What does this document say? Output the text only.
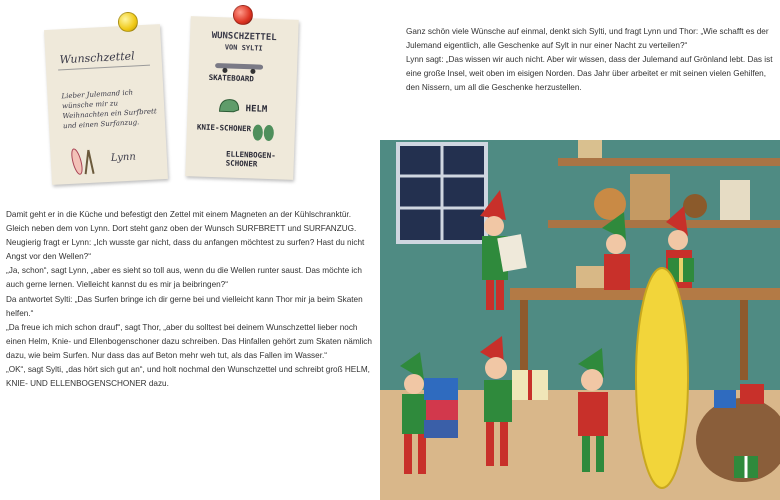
Wunschzettel
Lieber Julemand ich wünsche mir zu Weihnachten ein Surfbrett und einen Surfanzug.
Lynn
WUNSCHZETTEL
VON SYLTI
SKATEBOARD
HELM
KNIE-SCHONER
ELLENBOGEN-SCHONER
Damit geht er in die Küche und befestigt den Zettel mit einem Magneten an der Kühlschranktür. Gleich neben dem von Lynn. Dort steht ganz oben der Wunsch SURFBRETT und SURFANZUG.
Neugierig fragt er Lynn: „Ich wusste gar nicht, dass du anfangen möchtest zu surfen? Hast du nicht Angst vor den Wellen?“
„Ja, schon“, sagt Lynn, „aber es sieht so toll aus, wenn du die Wellen runter saust. Das möchte ich auch gerne lernen. Vielleicht kannst du es mir ja beibringen?“
Da antwortet Sylti: „Das Surfen bringe ich dir gerne bei und vielleicht kann Thor mir ja beim Skaten helfen.“
„Da freue ich mich schon drauf“, sagt Thor, „aber du solltest bei deinem Wunschzettel lieber noch einen Helm, Knie- und Ellenbogenschoner dazu schreiben. Das Hinfallen gehört zum Skaten nämlich dazu, wie beim Surfen. Nur dass das auf Beton mehr weh tut, als das Fallen im Wasser.“
„OK“, sagt Sylti, „das hört sich gut an“, und holt nochmal den Wunschzettel und schreibt groß HELM, KNIE- UND ELLENBOGENSCHONER dazu.
Ganz schön viele Wünsche auf einmal, denkt sich Sylti, und fragt Lynn und Thor: „Wie schafft es der Julemand eigentlich, alle Geschenke auf Sylt in nur einer Nacht zu verteilen?“
Lynn sagt: „Das wissen wir auch nicht. Aber wir wissen, dass der Julemand auf Grönland lebt. Das ist eine große Insel, weit oben im eisigen Norden. Das Jahr über arbeitet er mit seinen vielen Gehilfen, den Nissern, um all die Geschenke herzustellen.
